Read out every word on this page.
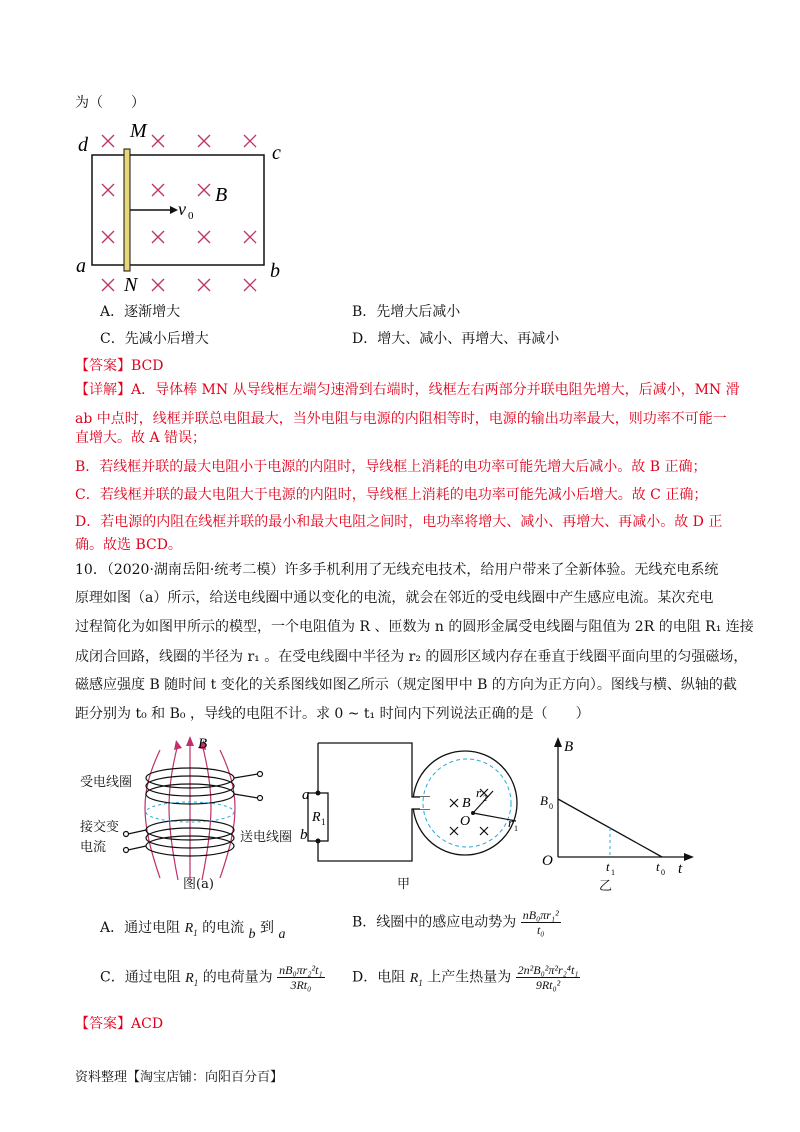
为（　　）
d	c
a	b
M
N
B
v 0
A．逐渐增大	B．先增大后减小
C．先减小后增大	D．增大、减小、再增大、再减小
【答案】BCD
【详解】A．导体棒 MN 从导线框左端匀速滑到右端时，线框左右两部分并联电阻先增大，后减小，MN 滑
ab 中点时，线框并联总电阻最大，当外电阻与电源的内阻相等时，电源的输出功率最大，则功率不可能一
直增大。故 A 错误；
B．若线框并联的最大电阻小于电源的内阻时，导线框上消耗的电功率可能先增大后减小。故 B 正确；
C．若线框并联的最大电阻大于电源的内阻时，导线框上消耗的电功率可能先减小后增大。故 C 正确；
D．若电源的内阻在线框并联的最小和最大电阻之间时，电功率将增大、减小、再增大、再减小。故 D 正
确。故选 BCD。
10．（2020·湖南岳阳·统考二模）许多手机利用了无线充电技术，给用户带来了全新体验。无线充电系统
原理如图（a）所示，给送电线圈中通以变化的电流，就会在邻近的受电线圈中产生感应电流。某次充电
过程简化为如图甲所示的模型，一个电阻值为 R 、匝数为 n 的圆形金属受电线圈与阻值为 2R 的电阻 R₁ 连接
成闭合回路，线圈的半径为 r₁ 。在受电线圈中半径为 r₂ 的圆形区域内存在垂直于线圈平面向里的匀强磁场，
磁感应强度 B 随时间 t 变化的关系图线如图乙所示（规定图甲中 B 的方向为正方向）。图线与横、纵轴的截
距分别为 t₀ 和 B₀ ，导线的电阻不计。求 0 ~ t₁ 时间内下列说法正确的是（　　）
B
受电线圈
接交变
电流
送电线圈
图(a)
a
b
R 1
B
O
r 2
r 1
甲
B
B 0
O	t
t 1	t 0
乙
A．通过电阻 $R_1$ 的电流 b 到 a
B．线圈中的感应电动势为 $\frac{\text{nB₀πr₁²}}{\text{t₀}}$
C．通过电阻 $R_1$ 的电荷量为 $\frac{\text{nB₀πr₂²t₁}}{\text{3Rt₀}}$ D．电阻 $R_1$ 上产生热量为 $\frac{\text{2n²B₀²π²r₂⁴t₁}}{\text{9Rt₀²}}$
【答案】ACD
资料整理【淘宝店铺：向阳百分百】
